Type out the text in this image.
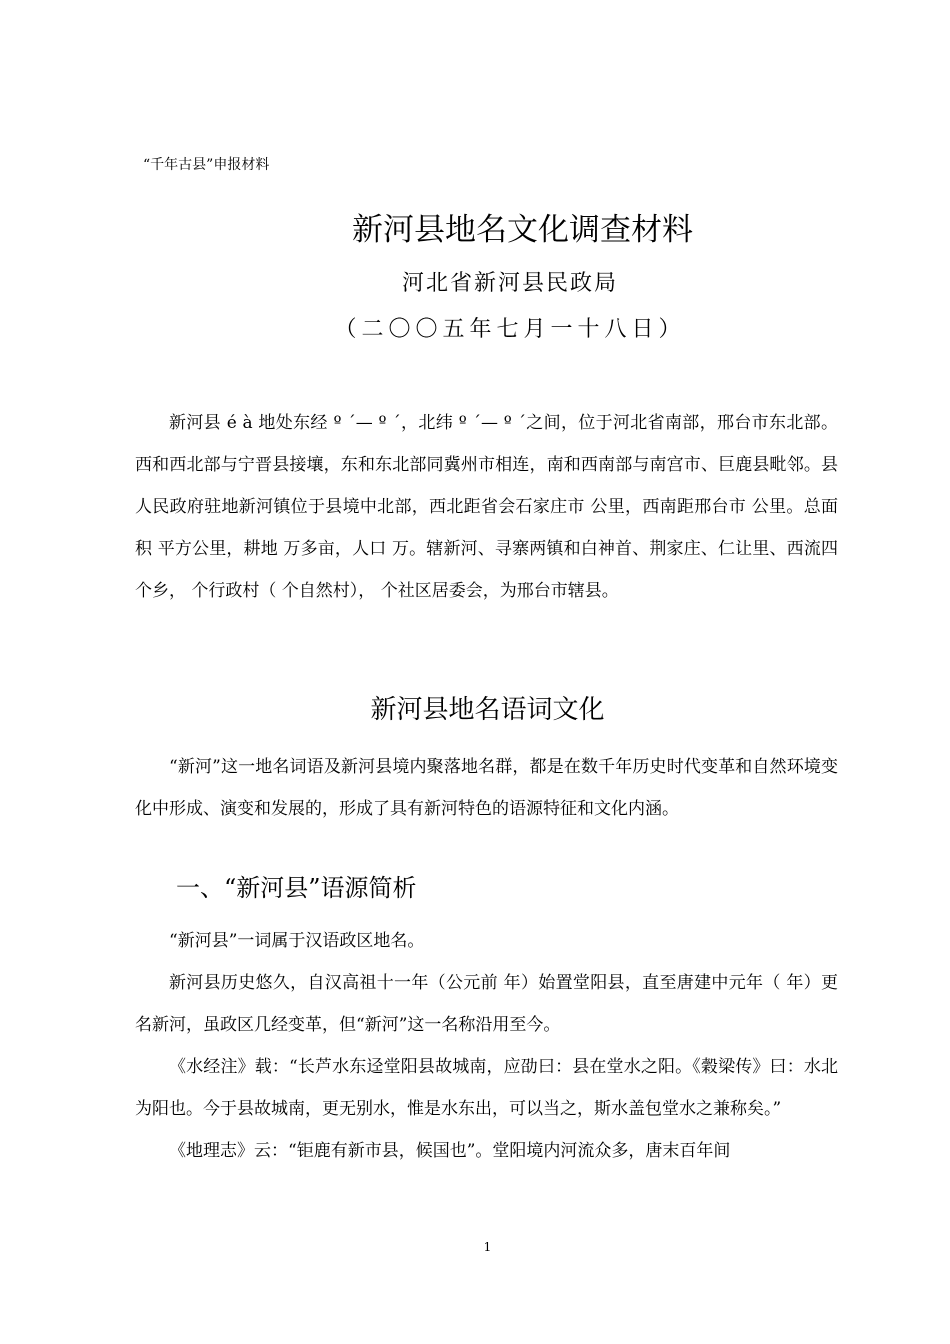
“千年古县”申报材料
新河县地名文化调查材料
河北省新河县民政局
（二〇〇五年七月一十八日）

新河县 é à 地处东经 º ´— º ´，北纬 º ´— º ´之间，位于河北省南部，邢台市东北部。西和西北部与宁晋县接壤，东和东北部同冀州市相连，南和西南部与南宫市、巨鹿县毗邻。县人民政府驻地新河镇位于县境中北部，西北距省会石家庄市 公里，西南距邢台市 公里。总面积 平方公里，耕地 万多亩，人口 万。辖新河、寻寨两镇和白神首、荆家庄、仁让里、西流四个乡， 个行政村（ 个自然村）， 个社区居委会，为邢台市辖县。

新河县地名语词文化

“新河”这一地名词语及新河县境内聚落地名群，都是在数千年历史时代变革和自然环境变化中形成、演变和发展的，形成了具有新河特色的语源特征和文化内涵。

一、“新河县”语源简析

“新河县”一词属于汉语政区地名。

新河县历史悠久，自汉高祖十一年（公元前 年）始置堂阳县，直至唐建中元年（ 年）更名新河，虽政区几经变革，但“新河”这一名称沿用至今。

《水经注》载：“长芦水东迳堂阳县故城南，应劭曰：县在堂水之阳。《穀梁传》曰：水北为阳也。今于县故城南，更无别水，惟是水东出，可以当之，斯水盖包堂水之兼称矣。”

《地理志》云：“钜鹿有新市县，候国也”。堂阳境内河流众多，唐末百年间

1
